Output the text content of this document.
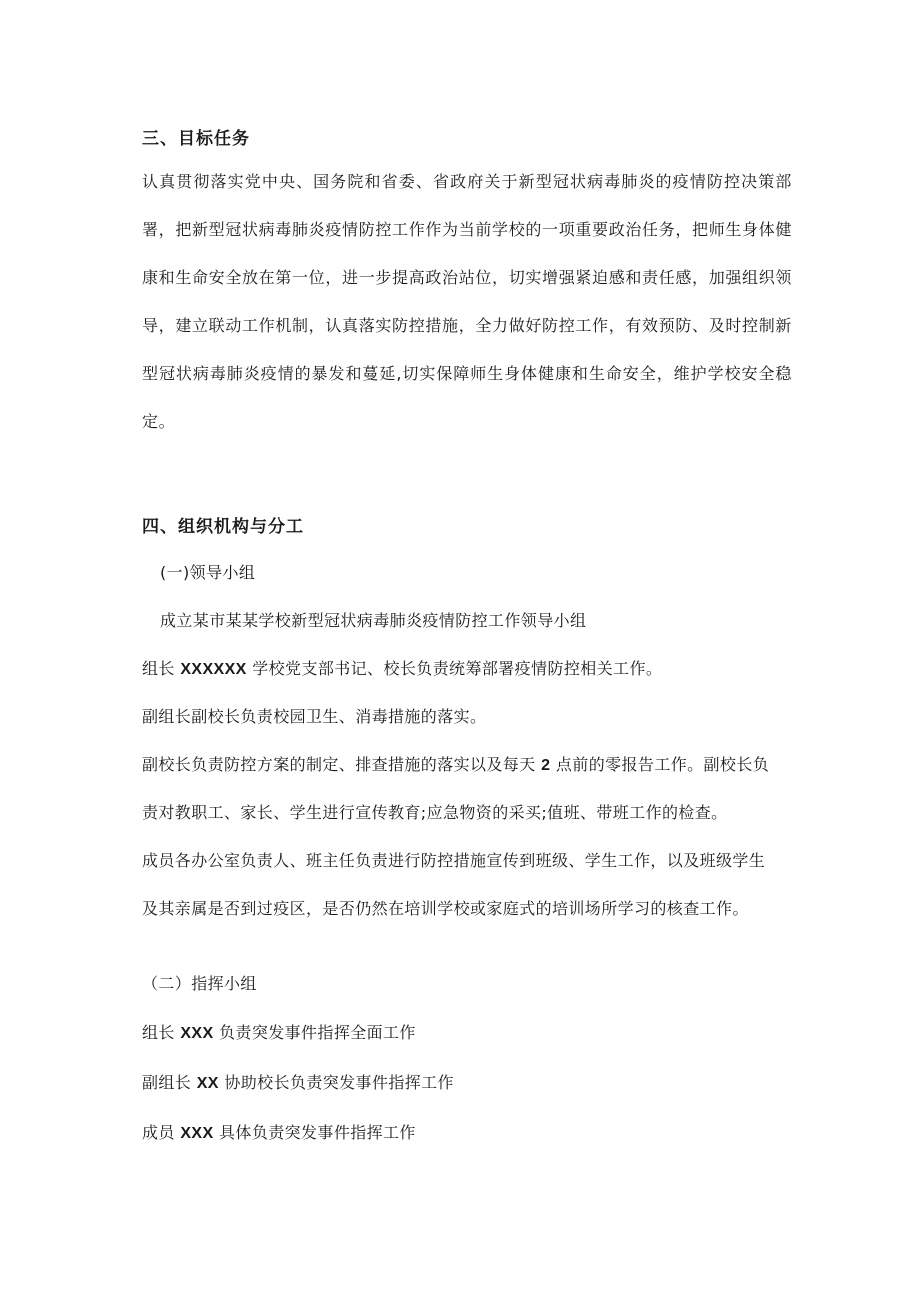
三、目标任务
认真贯彻落实党中央、国务院和省委、省政府关于新型冠状病毒肺炎的疫情防控决策部署，把新型冠状病毒肺炎疫情防控工作作为当前学校的一项重要政治任务，把师生身体健康和生命安全放在第一位，进一步提高政治站位，切实增强紧迫感和责任感，加强组织领导，建立联动工作机制，认真落实防控措施，全力做好防控工作，有效预防、及时控制新型冠状病毒肺炎疫情的暴发和蔓延,切实保障师生身体健康和生命安全，维护学校安全稳定。
四、组织机构与分工
(一)领导小组
成立某市某某学校新型冠状病毒肺炎疫情防控工作领导小组
组长 XXXXXX 学校党支部书记、校长负责统筹部署疫情防控相关工作。
副组长副校长负责校园卫生、消毒措施的落实。
副校长负责防控方案的制定、排查措施的落实以及每天 2 点前的零报告工作。副校长负
责对教职工、家长、学生进行宣传教育;应急物资的采买;值班、带班工作的检查。
成员各办公室负责人、班主任负责进行防控措施宣传到班级、学生工作，以及班级学生
及其亲属是否到过疫区，是否仍然在培训学校或家庭式的培训场所学习的核查工作。
（二）指挥小组
组长 XXX 负责突发事件指挥全面工作
副组长 XX 协助校长负责突发事件指挥工作
成员 XXX 具体负责突发事件指挥工作
